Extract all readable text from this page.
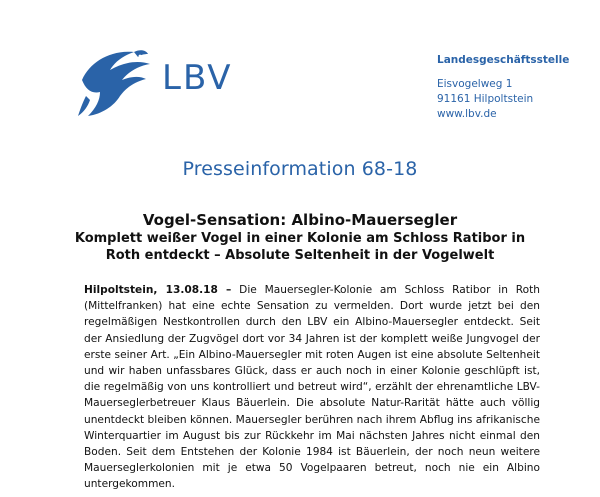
LBV	Landesgeschäftsstelle
Eisvogelweg 1
91161 Hilpoltstein
www.lbv.de
Presseinformation 68-18
Vogel-Sensation: Albino-Mauersegler
Komplett weißer Vogel in einer Kolonie am Schloss Ratibor in Roth entdeckt – Absolute Seltenheit in der Vogelwelt
Hilpoltstein, 13.08.18 – Die Mauersegler-Kolonie am Schloss Ratibor in Roth (Mittelfranken) hat eine echte Sensation zu vermelden. Dort wurde jetzt bei den regelmäßigen Nestkontrollen durch den LBV ein Albino-Mauersegler entdeckt. Seit der Ansiedlung der Zugvögel dort vor 34 Jahren ist der komplett weiße Jungvogel der erste seiner Art. „Ein Albino-Mauersegler mit roten Augen ist eine absolute Seltenheit und wir haben unfassbares Glück, dass er auch noch in einer Kolonie geschlüpft ist, die regelmäßig von uns kontrolliert und betreut wird“, erzählt der ehrenamtliche LBV-Mauerseglerbetreuer Klaus Bäuerlein. Die absolute Natur-Rarität hätte auch völlig unentdeckt bleiben können. Mauersegler berühren nach ihrem Abflug ins afrikanische Winterquartier im August bis zur Rückkehr im Mai nächsten Jahres nicht einmal den Boden. Seit dem Entstehen der Kolonie 1984 ist Bäuerlein, der noch neun weitere Mauerseglerkolonien mit je etwa 50 Vogelpaaren betreut, noch nie ein Albino untergekommen.
